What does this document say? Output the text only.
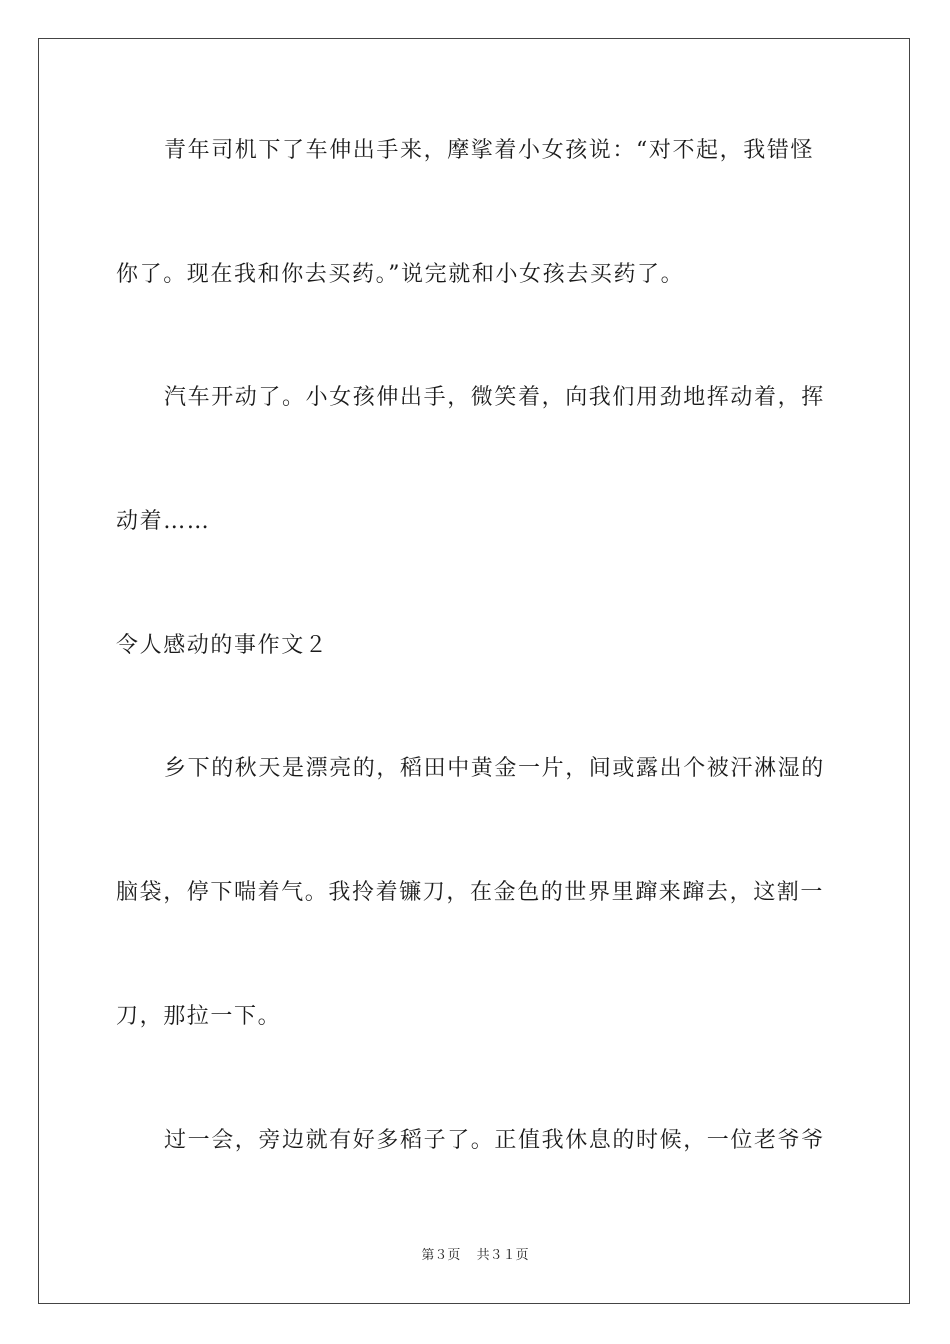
青年司机下了车伸出手来，摩挲着小女孩说：“对不起，我错怪
你了。现在我和你去买药。”说完就和小女孩去买药了。
汽车开动了。小女孩伸出手，微笑着，向我们用劲地挥动着，挥
动着……
令人感动的事作文２
乡下的秋天是漂亮的，稻田中黄金一片，间或露出个被汗淋湿的
脑袋，停下喘着气。我拎着镰刀，在金色的世界里蹿来蹿去，这割一
刀，那拉一下。
过一会，旁边就有好多稻子了。正值我休息的时候，一位老爷爷
第３页 共３１页
